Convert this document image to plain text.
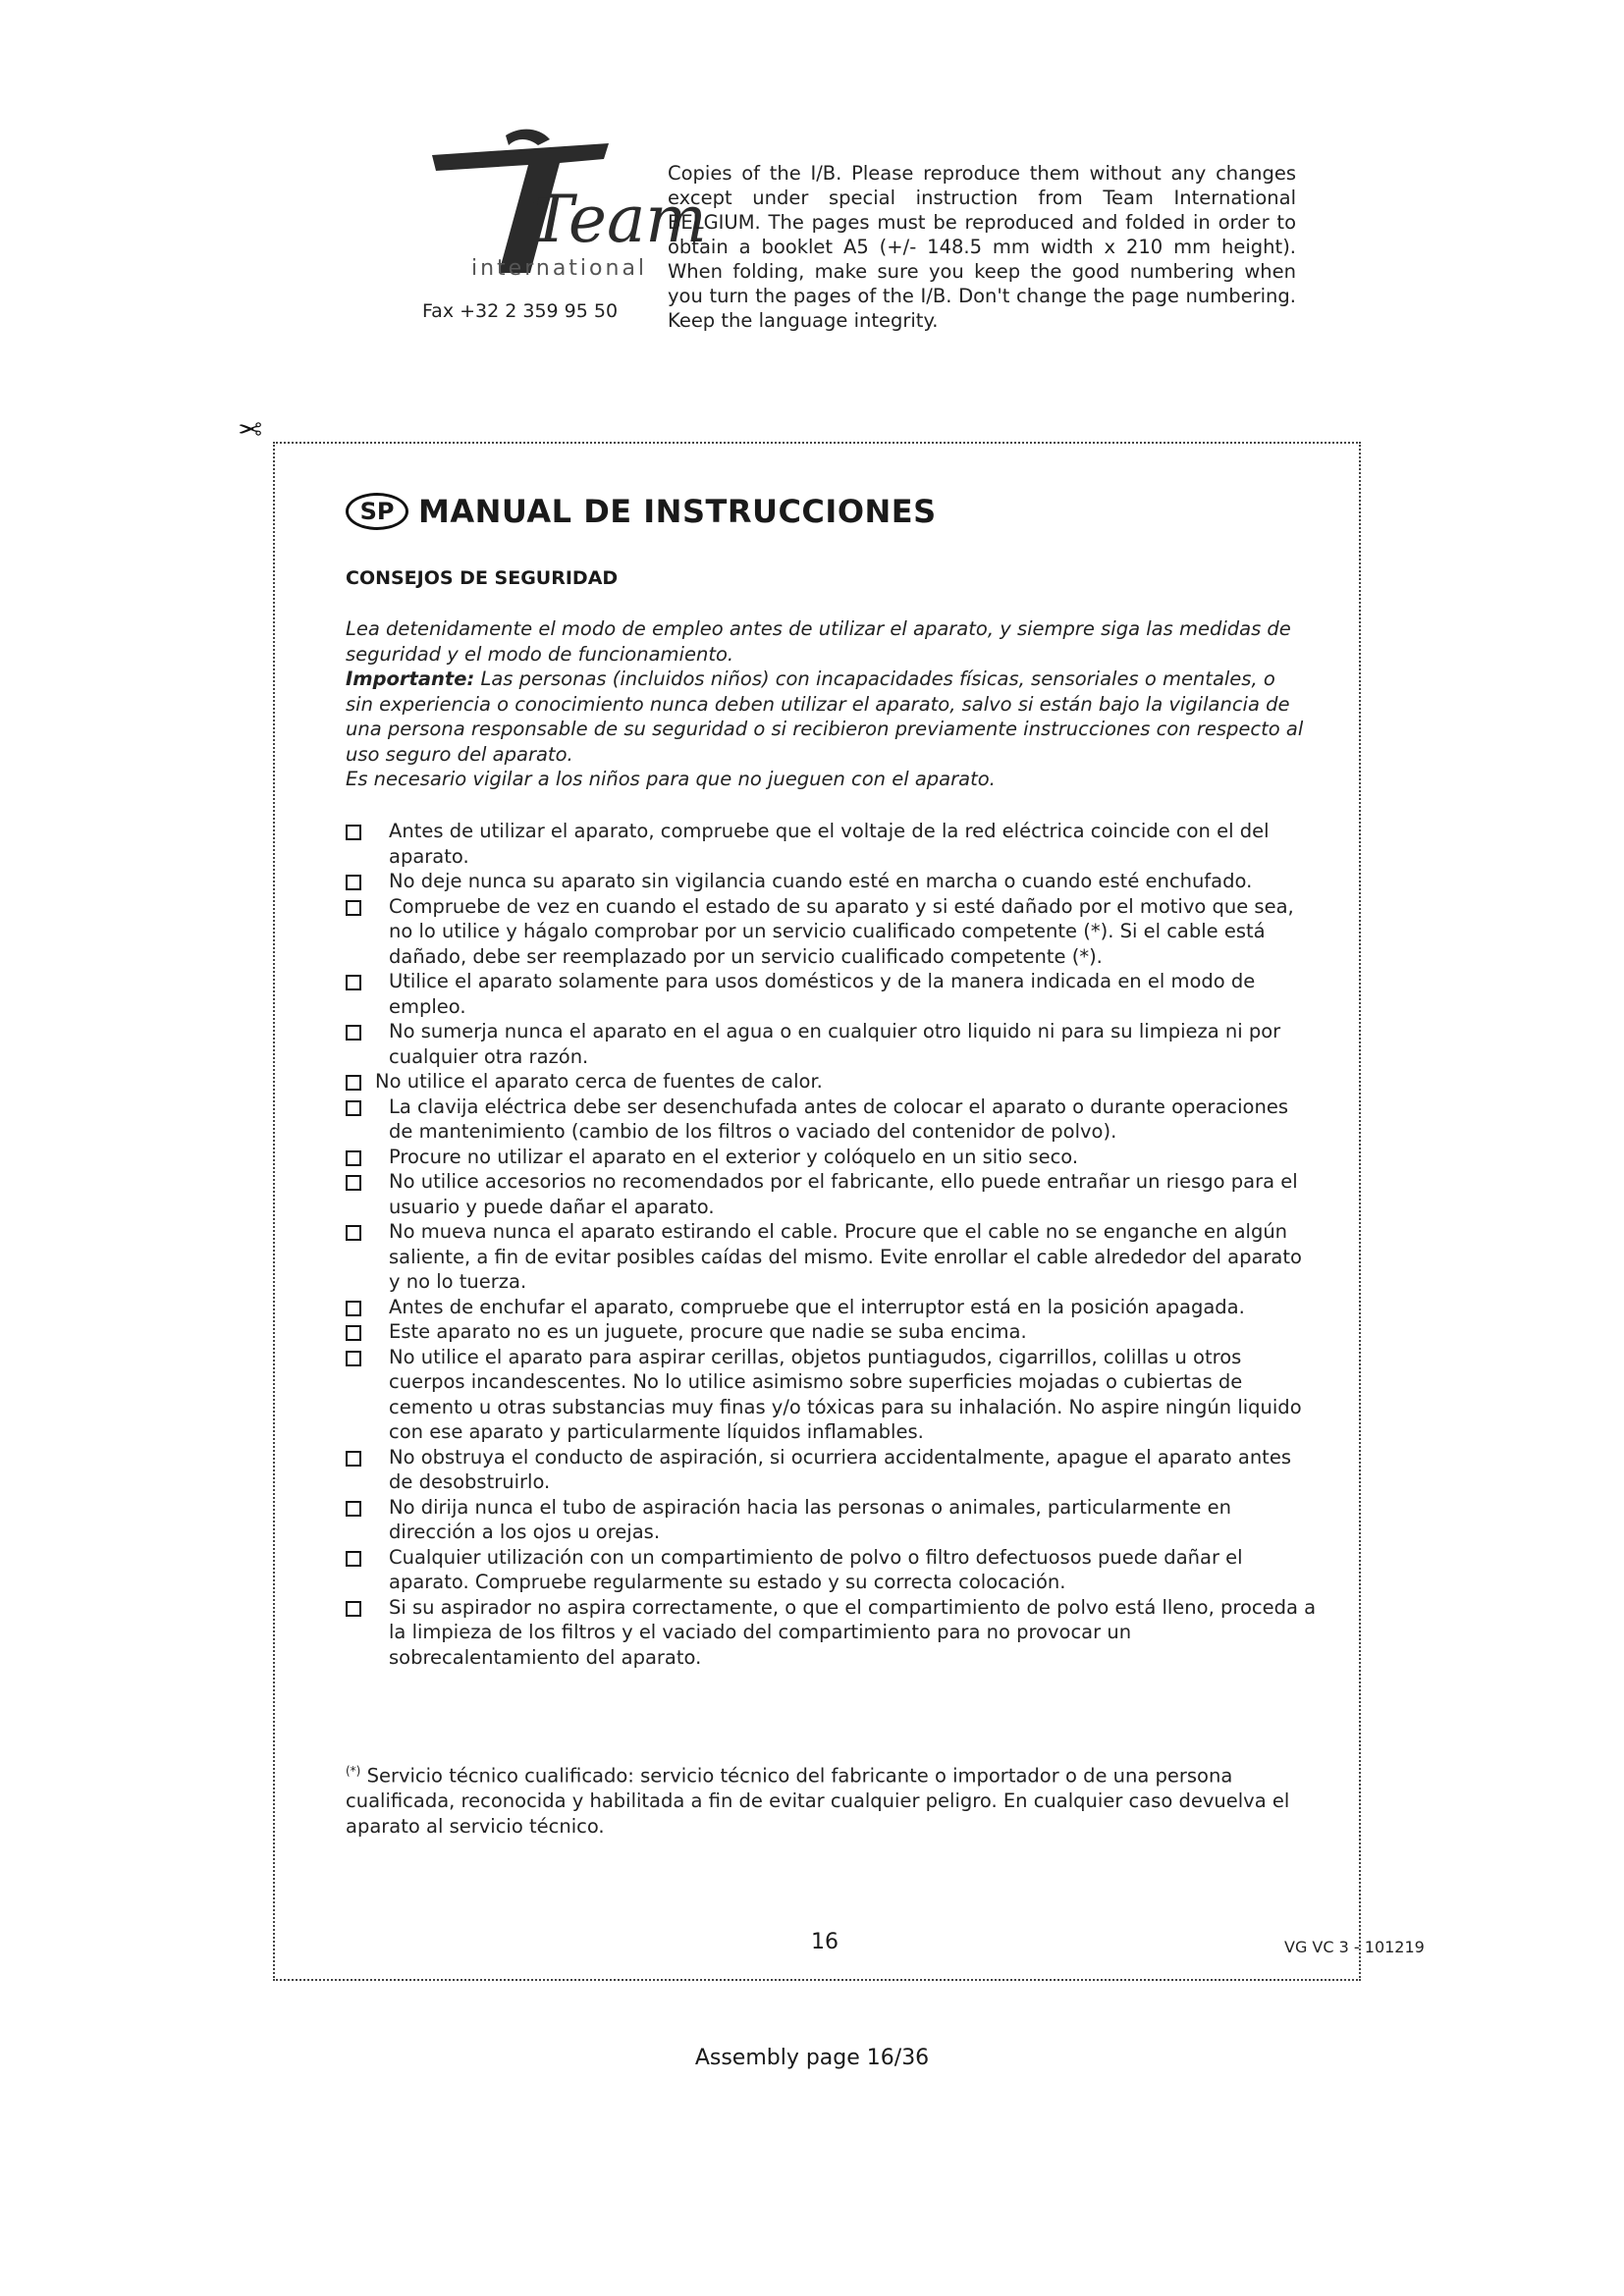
Team
international
Fax +32 2 359 95 50
Copies of the I/B. Please reproduce them without any changes except under special instruction from Team International BELGIUM. The pages must be reproduced and folded in order to obtain a booklet A5 (+/- 148.5 mm width x 210 mm height). When folding, make sure you keep the good numbering when you turn the pages of the I/B. Don't change the page numbering. Keep the language integrity.
✂
SP MANUAL DE INSTRUCCIONES
CONSEJOS DE SEGURIDAD
Lea detenidamente el modo de empleo antes de utilizar el aparato, y siempre siga las medidas de seguridad y el modo de funcionamiento.
Importante: Las personas (incluidos niños) con incapacidades físicas, sensoriales o mentales, o sin experiencia o conocimiento nunca deben utilizar el aparato, salvo si están bajo la vigilancia de una persona responsable de su seguridad o si recibieron previamente instrucciones con respecto al uso seguro del aparato.
Es necesario vigilar a los niños para que no jueguen con el aparato.
Antes de utilizar el aparato, compruebe que el voltaje de la red eléctrica coincide con el del aparato.
No deje nunca su aparato sin vigilancia cuando esté en marcha o cuando esté enchufado.
Compruebe de vez en cuando el estado de su aparato y si esté dañado por el motivo que sea, no lo utilice y hágalo comprobar por un servicio cualificado competente (*). Si el cable está dañado, debe ser reemplazado por un servicio cualificado competente (*).
Utilice el aparato solamente para usos domésticos y de la manera indicada en el modo de empleo.
No sumerja nunca el aparato en el agua o en cualquier otro liquido ni para su limpieza ni por cualquier otra razón.
No utilice el aparato cerca de fuentes de calor.
La clavija eléctrica debe ser desenchufada antes de colocar el aparato o durante operaciones de mantenimiento (cambio de los filtros o vaciado del contenidor de polvo).
Procure no utilizar el aparato en el exterior y colóquelo en un sitio seco.
No utilice accesorios no recomendados por el fabricante, ello puede entrañar un riesgo para el usuario y puede dañar el aparato.
No mueva nunca el aparato estirando el cable. Procure que el cable no se enganche en algún saliente, a fin de evitar posibles caídas del mismo. Evite enrollar el cable alrededor del aparato y no lo tuerza.
Antes de enchufar el aparato, compruebe que el interruptor está en la posición apagada.
Este aparato no es un juguete, procure que nadie se suba encima.
No utilice el aparato para aspirar cerillas, objetos puntiagudos, cigarrillos, colillas u otros cuerpos incandescentes. No lo utilice asimismo sobre superficies mojadas o cubiertas de cemento u otras substancias muy finas y/o tóxicas para su inhalación. No aspire ningún liquido con ese aparato y particularmente líquidos inflamables.
No obstruya el conducto de aspiración, si ocurriera accidentalmente, apague el aparato antes de desobstruirlo.
No dirija nunca el tubo de aspiración hacia las personas o animales, particularmente en dirección a los ojos u orejas.
Cualquier utilización con un compartimiento de polvo o filtro defectuosos puede dañar el aparato. Compruebe regularmente su estado y su correcta colocación.
Si su aspirador no aspira correctamente, o que el compartimiento de polvo está lleno, proceda a la limpieza de los filtros y el vaciado del compartimiento para no provocar un sobrecalentamiento del aparato.
(*) Servicio técnico cualificado: servicio técnico del fabricante o importador o de una persona cualificada, reconocida y habilitada a fin de evitar cualquier peligro. En cualquier caso devuelva el aparato al servicio técnico.
16	VG VC 3 - 101219
Assembly page 16/36
